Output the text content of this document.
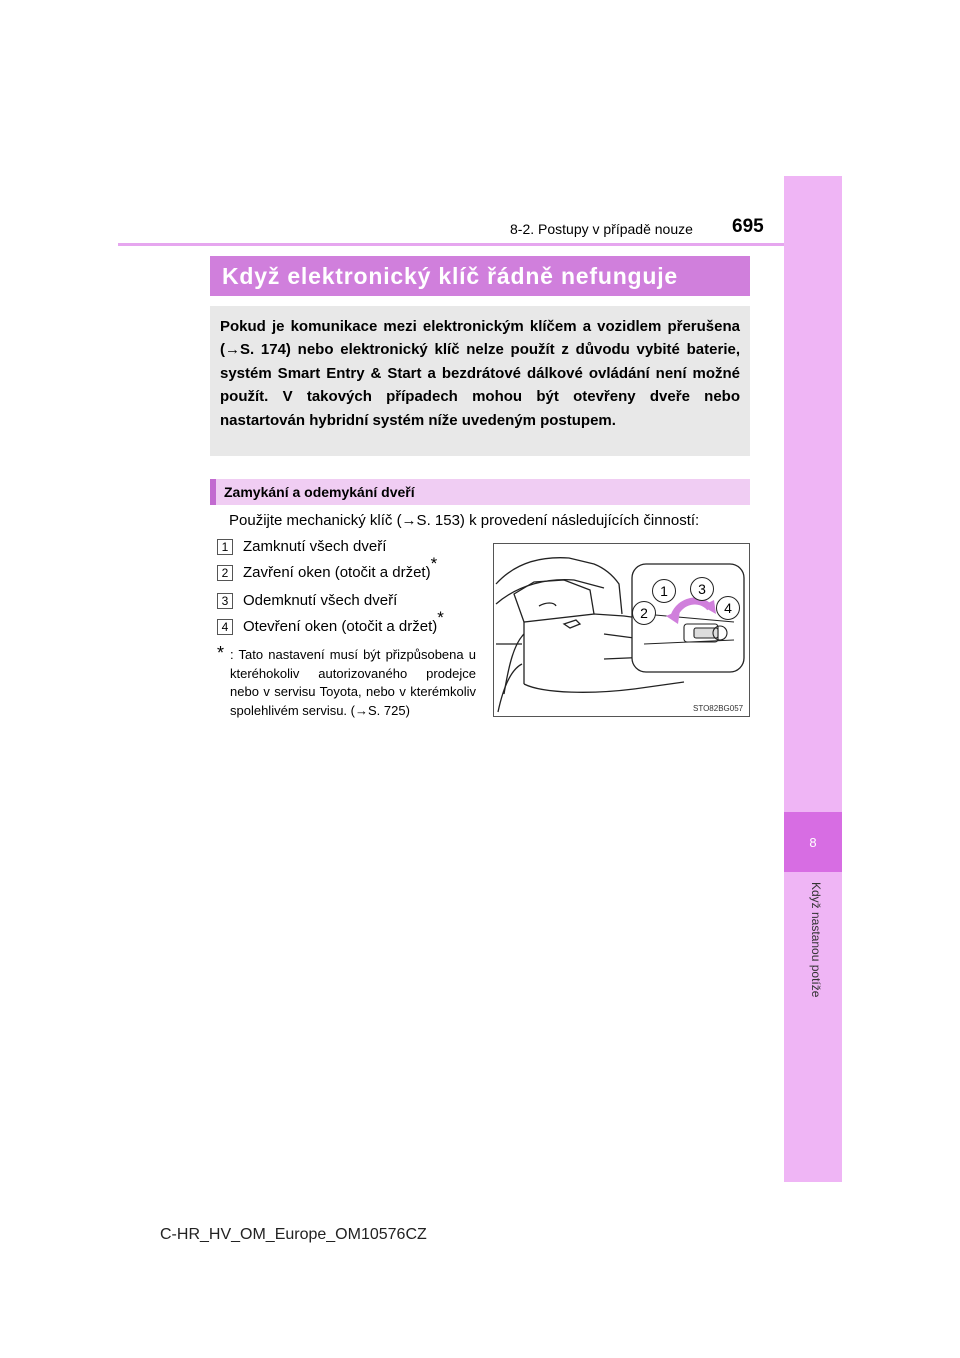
8
Když nastanou potíže
8-2. Postupy v případě nouze 695
Když elektronický klíč řádně nefunguje

Pokud je komunikace mezi elektronickým klíčem a vozidlem přerušena (→S. 174) nebo elektronický klíč nelze použít z důvodu vybité baterie, systém Smart Entry & Start a bezdrátové dálkové ovládání není možné použít. V takových případech mohou být otevřeny dveře nebo nastartován hybridní systém níže uvedeným postupem.

Zamykání a odemykání dveří
Použijte mechanický klíč (→S. 153) k provedení následujících činností:
1 Zamknutí všech dveří
2 Zavření oken (otočit a držet) *
3 Odemknutí všech dveří
4 Otevření oken (otočit a držet) *
* : Tato nastavení musí být přizpůsobena u kteréhokoliv autorizovaného prodejce nebo v servisu Toyota, nebo v kterémkoliv spolehlivém servisu. (→S. 725)
1	3
2	4
STO82BG057
C-HR_HV_OM_Europe_OM10576CZ
